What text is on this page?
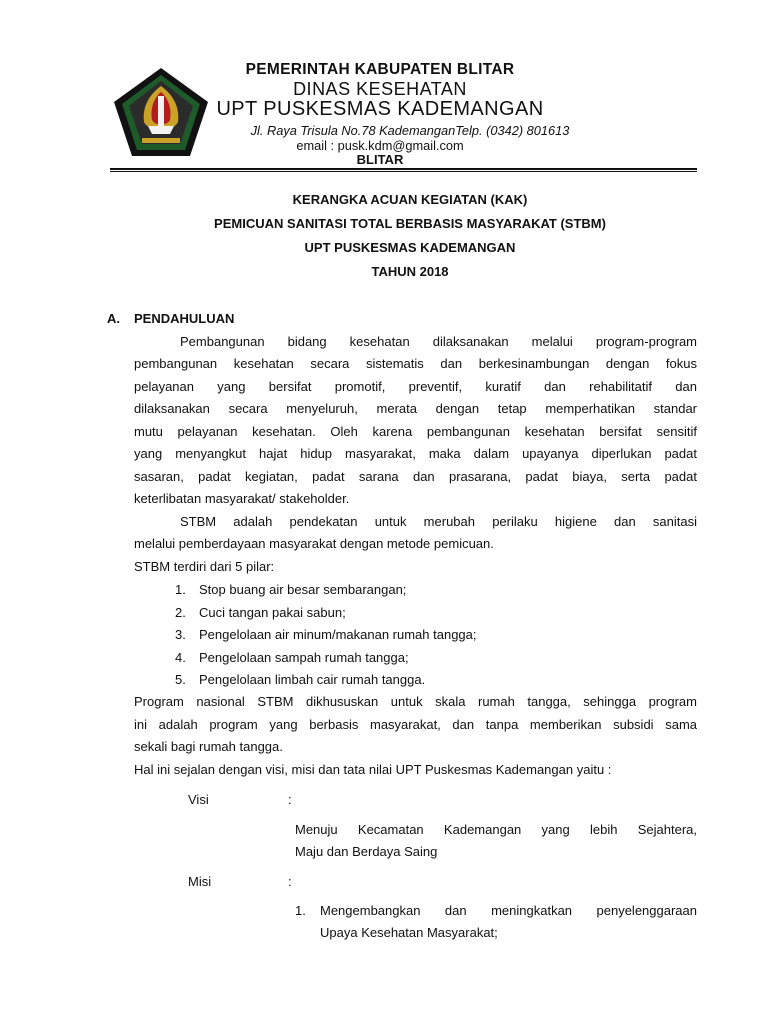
PEMERINTAH KABUPATEN BLITAR
DINAS KESEHATAN
UPT PUSKESMAS KADEMANGAN
Jl. Raya Trisula No.78 KademanganTelp. (0342) 801613
email : pusk.kdm@gmail.com
BLITAR
KERANGKA ACUAN KEGIATAN (KAK)
PEMICUAN SANITASI TOTAL BERBASIS MASYARAKAT (STBM)
UPT PUSKESMAS KADEMANGAN
TAHUN 2018
A. PENDAHULUAN
Pembangunan bidang kesehatan dilaksanakan melalui program-program
pembangunan kesehatan secara sistematis dan berkesinambungan dengan fokus
pelayanan yang bersifat promotif, preventif, kuratif dan rehabilitatif dan
dilaksanakan secara menyeluruh, merata dengan tetap memperhatikan standar
mutu pelayanan kesehatan. Oleh karena pembangunan kesehatan bersifat sensitif
yang menyangkut hajat hidup masyarakat, maka dalam upayanya diperlukan padat
sasaran, padat kegiatan, padat sarana dan prasarana, padat biaya, serta padat
keterlibatan masyarakat/ stakeholder.
STBM adalah pendekatan untuk merubah perilaku higiene dan sanitasi
melalui pemberdayaan masyarakat dengan metode pemicuan.
STBM terdiri dari 5 pilar:
1. Stop buang air besar sembarangan;
2. Cuci tangan pakai sabun;
3. Pengelolaan air minum/makanan rumah tangga;
4. Pengelolaan sampah rumah tangga;
5. Pengelolaan limbah cair rumah tangga.
Program nasional STBM dikhususkan untuk skala rumah tangga, sehingga program
ini adalah program yang berbasis masyarakat, dan tanpa memberikan subsidi sama
sekali bagi rumah tangga.
Hal ini sejalan dengan visi, misi dan tata nilai UPT Puskesmas Kademangan yaitu :
Visi	:
Menuju Kecamatan Kademangan yang lebih Sejahtera,
Maju dan Berdaya Saing
Misi	:
1.	Mengembangkan dan meningkatkan penyelenggaraan
Upaya Kesehatan Masyarakat;
